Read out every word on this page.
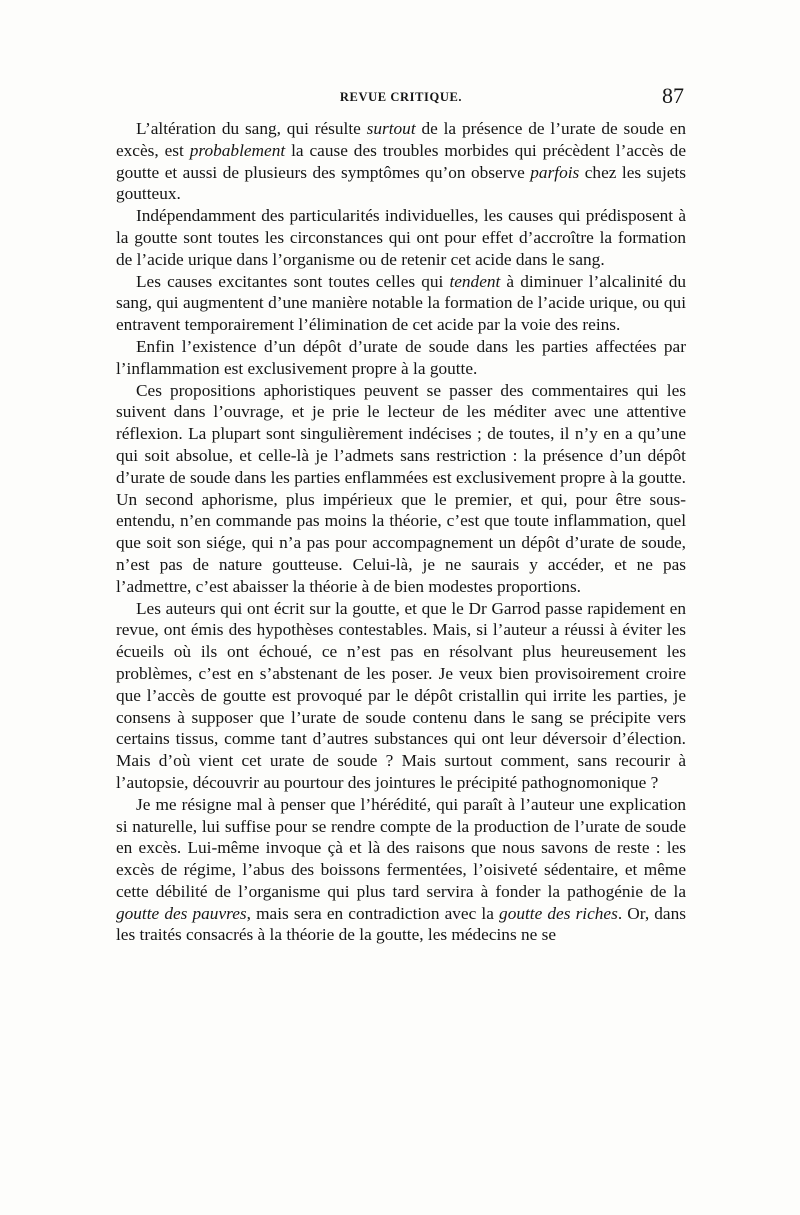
REVUE CRITIQUE.	87

L’altération du sang, qui résulte surtout de la présence de l’urate de soude en excès, est probablement la cause des troubles morbides qui précèdent l’accès de goutte et aussi de plusieurs des symptômes qu’on observe parfois chez les sujets goutteux.

Indépendamment des particularités individuelles, les causes qui prédisposent à la goutte sont toutes les circonstances qui ont pour effet d’accroître la formation de l’acide urique dans l’organisme ou de retenir cet acide dans le sang.

Les causes excitantes sont toutes celles qui tendent à diminuer l’alcalinité du sang, qui augmentent d’une manière notable la formation de l’acide urique, ou qui entravent temporairement l’élimination de cet acide par la voie des reins.

Enfin l’existence d’un dépôt d’urate de soude dans les parties affectées par l’inflammation est exclusivement propre à la goutte.

Ces propositions aphoristiques peuvent se passer des commentaires qui les suivent dans l’ouvrage, et je prie le lecteur de les méditer avec une attentive réflexion. La plupart sont singulièrement indécises ; de toutes, il n’y en a qu’une qui soit absolue, et celle-là je l’admets sans restriction : la présence d’un dépôt d’urate de soude dans les parties enflammées est exclusivement propre à la goutte. Un second aphorisme, plus impérieux que le premier, et qui, pour être sous-entendu, n’en commande pas moins la théorie, c’est que toute inflammation, quel que soit son siége, qui n’a pas pour accompagnement un dépôt d’urate de soude, n’est pas de nature goutteuse. Celui-là, je ne saurais y accéder, et ne pas l’admettre, c’est abaisser la théorie à de bien modestes proportions.

Les auteurs qui ont écrit sur la goutte, et que le Dr Garrod passe rapidement en revue, ont émis des hypothèses contestables. Mais, si l’auteur a réussi à éviter les écueils où ils ont échoué, ce n’est pas en résolvant plus heureusement les problèmes, c’est en s’abstenant de les poser. Je veux bien provisoirement croire que l’accès de goutte est provoqué par le dépôt cristallin qui irrite les parties, je consens à supposer que l’urate de soude contenu dans le sang se précipite vers certains tissus, comme tant d’autres substances qui ont leur déversoir d’élection. Mais d’où vient cet urate de soude ? Mais surtout comment, sans recourir à l’autopsie, découvrir au pourtour des jointures le précipité pathognomonique ?

Je me résigne mal à penser que l’hérédité, qui paraît à l’auteur une explication si naturelle, lui suffise pour se rendre compte de la production de l’urate de soude en excès. Lui-même invoque çà et là des raisons que nous savons de reste : les excès de régime, l’abus des boissons fermentées, l’oisiveté sédentaire, et même cette débilité de l’organisme qui plus tard servira à fonder la pathogénie de la goutte des pauvres, mais sera en contradiction avec la goutte des riches. Or, dans les traités consacrés à la théorie de la goutte, les médecins ne se
